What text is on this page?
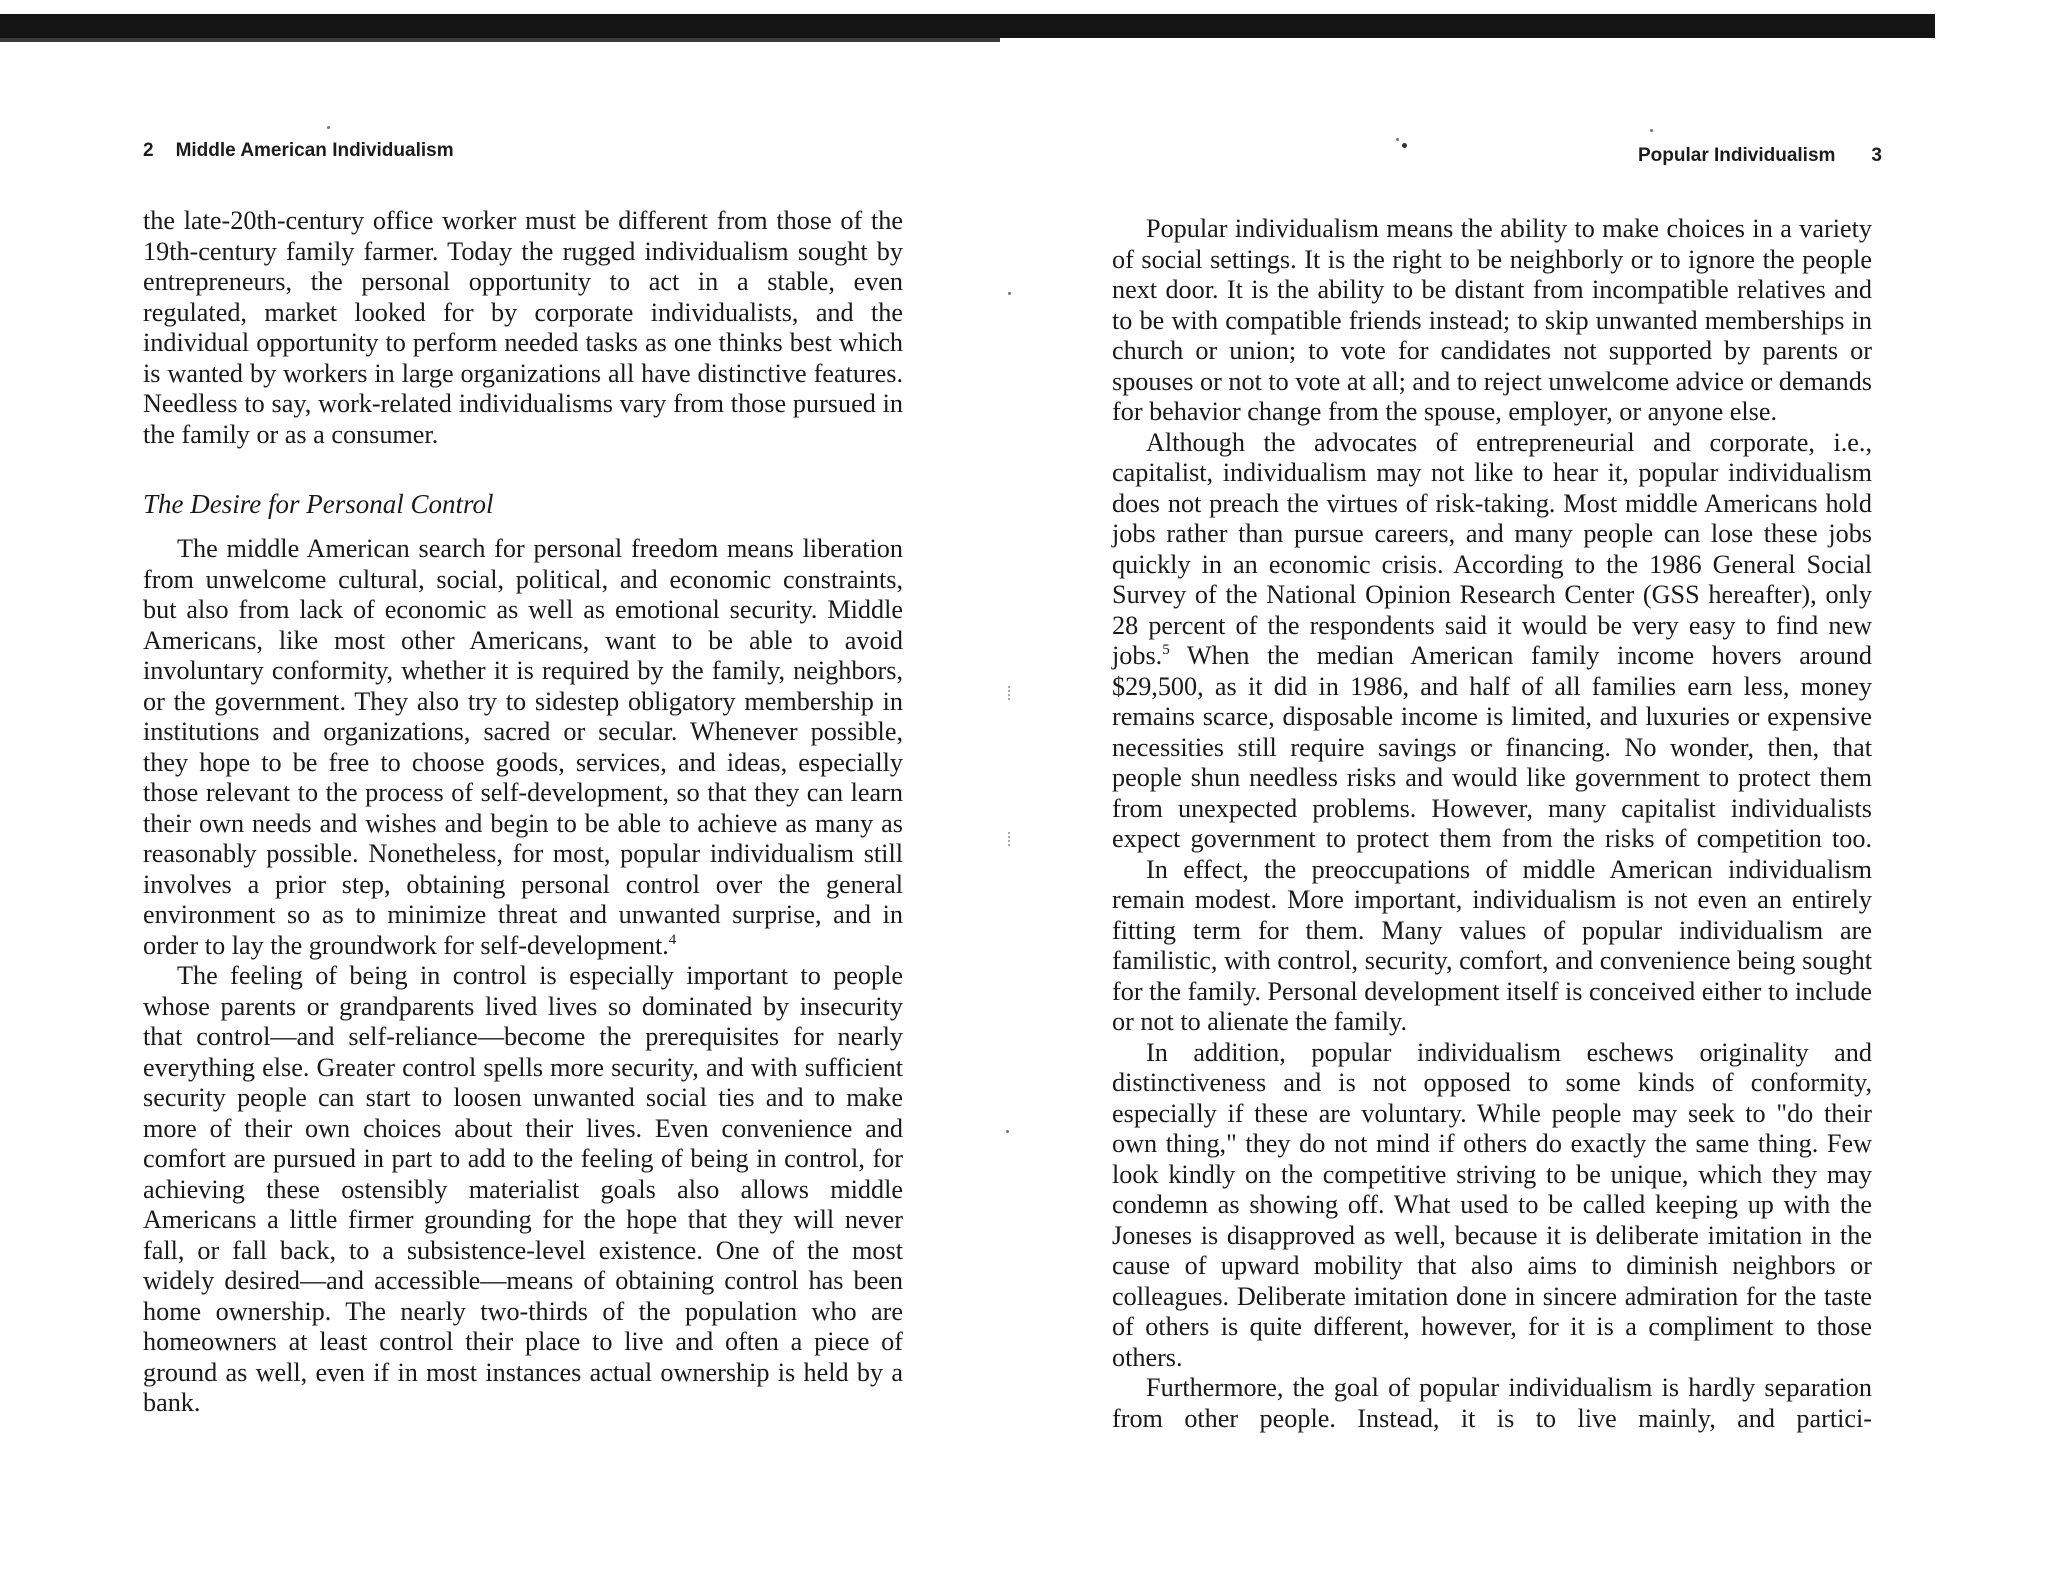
2 Middle American Individualism

the late-20th-century office worker must be different from those of the 19th-century family farmer. Today the rugged individualism sought by entrepreneurs, the personal opportunity to act in a stable, even regulated, market looked for by corporate individualists, and the individual opportunity to perform needed tasks as one thinks best which is wanted by workers in large organizations all have distinctive features. Needless to say, work-related individualisms vary from those pursued in the family or as a consumer.

The Desire for Personal Control

The middle American search for personal freedom means liberation from unwelcome cultural, social, political, and economic constraints, but also from lack of economic as well as emotional security. Middle Americans, like most other Americans, want to be able to avoid involuntary conformity, whether it is required by the family, neighbors, or the government. They also try to sidestep obligatory membership in institutions and organizations, sacred or secular. Whenever possible, they hope to be free to choose goods, services, and ideas, especially those relevant to the process of self-development, so that they can learn their own needs and wishes and begin to be able to achieve as many as reasonably possible. Nonetheless, for most, popular individualism still involves a prior step, obtaining personal control over the general environment so as to minimize threat and unwanted surprise, and in order to lay the groundwork for self-development.$^4$

The feeling of being in control is especially important to people whose parents or grandparents lived lives so dominated by insecurity that control—and self-reliance—become the prerequisites for nearly everything else. Greater control spells more security, and with sufficient security people can start to loosen unwanted social ties and to make more of their own choices about their lives. Even convenience and comfort are pursued in part to add to the feeling of being in control, for achieving these ostensibly materialist goals also allows middle Americans a little firmer grounding for the hope that they will never fall, or fall back, to a subsistence-level existence. One of the most widely desired—and accessible—means of obtaining control has been home ownership. The nearly two-thirds of the population who are homeowners at least control their place to live and often a piece of ground as well, even if in most instances actual ownership is held by a bank.

Popular Individualism 3

Popular individualism means the ability to make choices in a variety of social settings. It is the right to be neighborly or to ignore the people next door. It is the ability to be distant from incompatible relatives and to be with compatible friends instead; to skip unwanted memberships in church or union; to vote for candidates not supported by parents or spouses or not to vote at all; and to reject unwelcome advice or demands for behavior change from the spouse, employer, or anyone else.

Although the advocates of entrepreneurial and corporate, i.e., capitalist, individualism may not like to hear it, popular individualism does not preach the virtues of risk-taking. Most middle Americans hold jobs rather than pursue careers, and many people can lose these jobs quickly in an economic crisis. According to the 1986 General Social Survey of the National Opinion Research Center (GSS hereafter), only 28 percent of the respondents said it would be very easy to find new jobs.$^5$ When the median American family income hovers around $29,500, as it did in 1986, and half of all families earn less, money remains scarce, disposable income is limited, and luxuries or expensive necessities still require savings or financing. No wonder, then, that people shun needless risks and would like government to protect them from unexpected problems. However, many capitalist individualists expect government to protect them from the risks of competition too.

In effect, the preoccupations of middle American individualism remain modest. More important, individualism is not even an entirely fitting term for them. Many values of popular individualism are familistic, with control, security, comfort, and convenience being sought for the family. Personal development itself is conceived either to include or not to alienate the family.

In addition, popular individualism eschews originality and distinctiveness and is not opposed to some kinds of conformity, especially if these are voluntary. While people may seek to "do their own thing," they do not mind if others do exactly the same thing. Few look kindly on the competitive striving to be unique, which they may condemn as showing off. What used to be called keeping up with the Joneses is disapproved as well, because it is deliberate imitation in the cause of upward mobility that also aims to diminish neighbors or colleagues. Deliberate imitation done in sincere admiration for the taste of others is quite different, however, for it is a compliment to those others.

Furthermore, the goal of popular individualism is hardly separation from other people. Instead, it is to live mainly, and partici-
